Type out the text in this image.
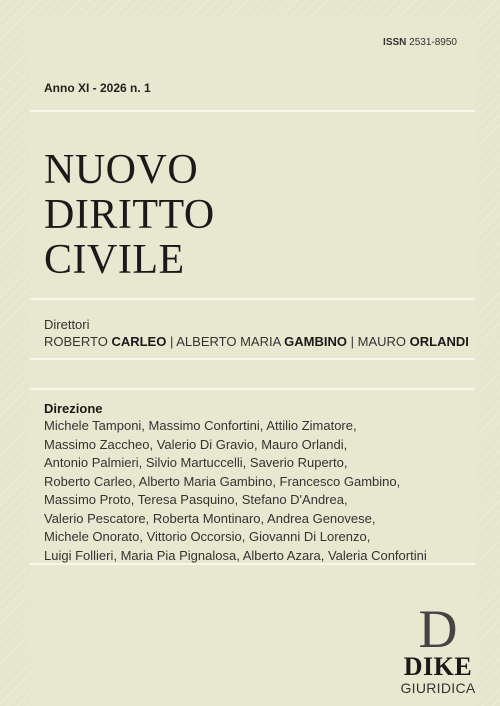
ISSN 2531-8950
Anno XI - 2026 n. 1
NUOVO
DIRITTO
CIVILE
Direttori
ROBERTO CARLEO | ALBERTO MARIA GAMBINO | MAURO ORLANDI
Direzione
Michele Tamponi, Massimo Confortini, Attilio Zimatore,
Massimo Zaccheo, Valerio Di Gravio, Mauro Orlandi,
Antonio Palmieri, Silvio Martuccelli, Saverio Ruperto,
Roberto Carleo, Alberto Maria Gambino, Francesco Gambino,
Massimo Proto, Teresa Pasquino, Stefano D'Andrea,
Valerio Pescatore, Roberta Montinaro, Andrea Genovese,
Michele Onorato, Vittorio Occorsio, Giovanni Di Lorenzo,
Luigi Follieri, Maria Pia Pignalosa, Alberto Azara, Valeria Confortini
D
DIKE
GIURIDICA
